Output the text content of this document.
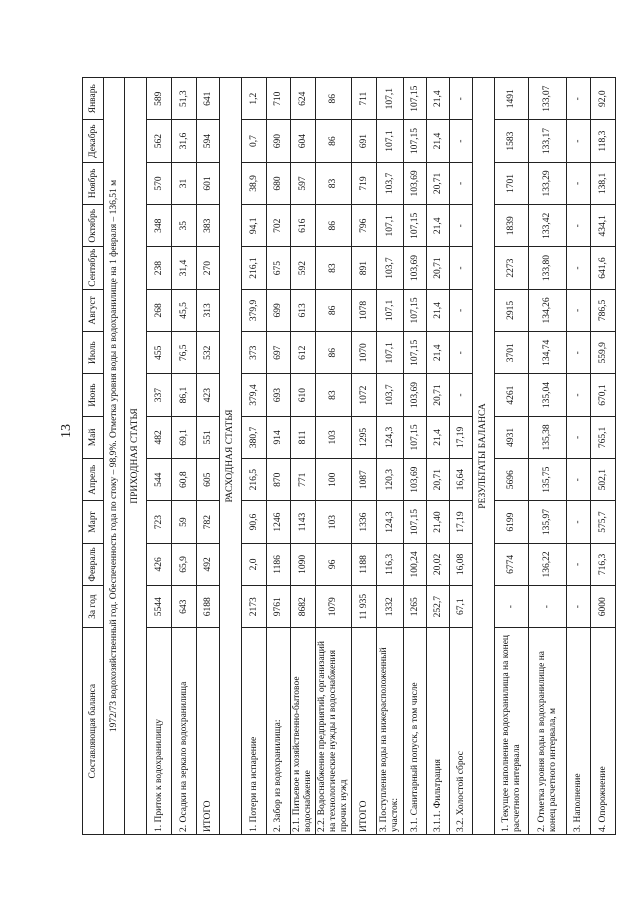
13
Составляющая баланса	За год	Февраль	Март	Апрель	Май	Июнь	Июль	Август	Сентябрь	Октябрь	Ноябрь	Декабрь	Январь
1972/73 водохозяйственный год. Обеспеченность года по стоку – 98,9%. Отметка уровня воды в водохранилище на 1 февраля – 136,51 м													
ПРИХОДНАЯ СТАТЬЯ													
1. Приток к водохранилищу	5544	426	723	544	482	337	455	268	238	348	570	562	589
2. Осадки на зеркало водохранилища	643	65,9	59	60,8	69,1	86,1	76,5	45,5	31,4	35	31	31,6	51,3
ИТОГО	6188	492	782	605	551	423	532	313	270	383	601	594	641
РАСХОДНАЯ СТАТЬЯ													
1. Потери на испарение	2173	2,0	90,6	216,5	380,7	379,4	373	379,9	216,1	94,1	38,9	0,7	1,2
2. Забор из водохранилища:	9761	1186	1246	870	914	693	697	699	675	702	680	690	710
2.1. Питьевое и хозяйственно-бытовое водоснабжение	8682	1090	1143	771	811	610	612	613	592	616	597	604	624
2.2. Водоснабжение предприятий, организаций на технологические нужды и водоснабжения прочих нужд	1079	96	103	100	103	83	86	86	83	86	83	86	86
ИТОГО	11 935	1188	1336	1087	1295	1072	1070	1078	891	796	719	691	711
3. Поступление воды на нижерасположенный участок:	1332	116,3	124,3	120,3	124,3	103,7	107,1	107,1	103,7	107,1	103,7	107,1	107,1
3.1. Санитарный попуск, в том числе	1265	100,24	107,15	103,69	107,15	103,69	107,15	107,15	103,69	107,15	103,69	107,15	107,15
3.1.1. Фильтрация	252,7	20,02	21,40	20,71	21,4	20,71	21,4	21,4	20,71	21,4	20,71	21,4	21,4
3.2. Холостой сброс	67,1	16,08	17,19	16,64	17,19	-	-	-	-	-	-	-	-
РЕЗУЛЬТАТЫ БАЛАНСА													
1. Текущее наполнение водохранилища на конец расчетного интервала	-	6774	6199	5696	4931	4261	3701	2915	2273	1839	1701	1583	1491
2. Отметка уровня воды в водохранилище на конец расчетного интервала, м	-	136,22	135,97	135,75	135,38	135,04	134,74	134,26	133,80	133,42	133,29	133,17	133,07
3. Наполнение	-	-	-	-	-	-	-	-	-	-	-	-	-
4. Опорожнение	6000	716,3	575,7	502,1	765,1	670,1	559,9	786,5	641,6	434,1	138,1	118,3	92,0
